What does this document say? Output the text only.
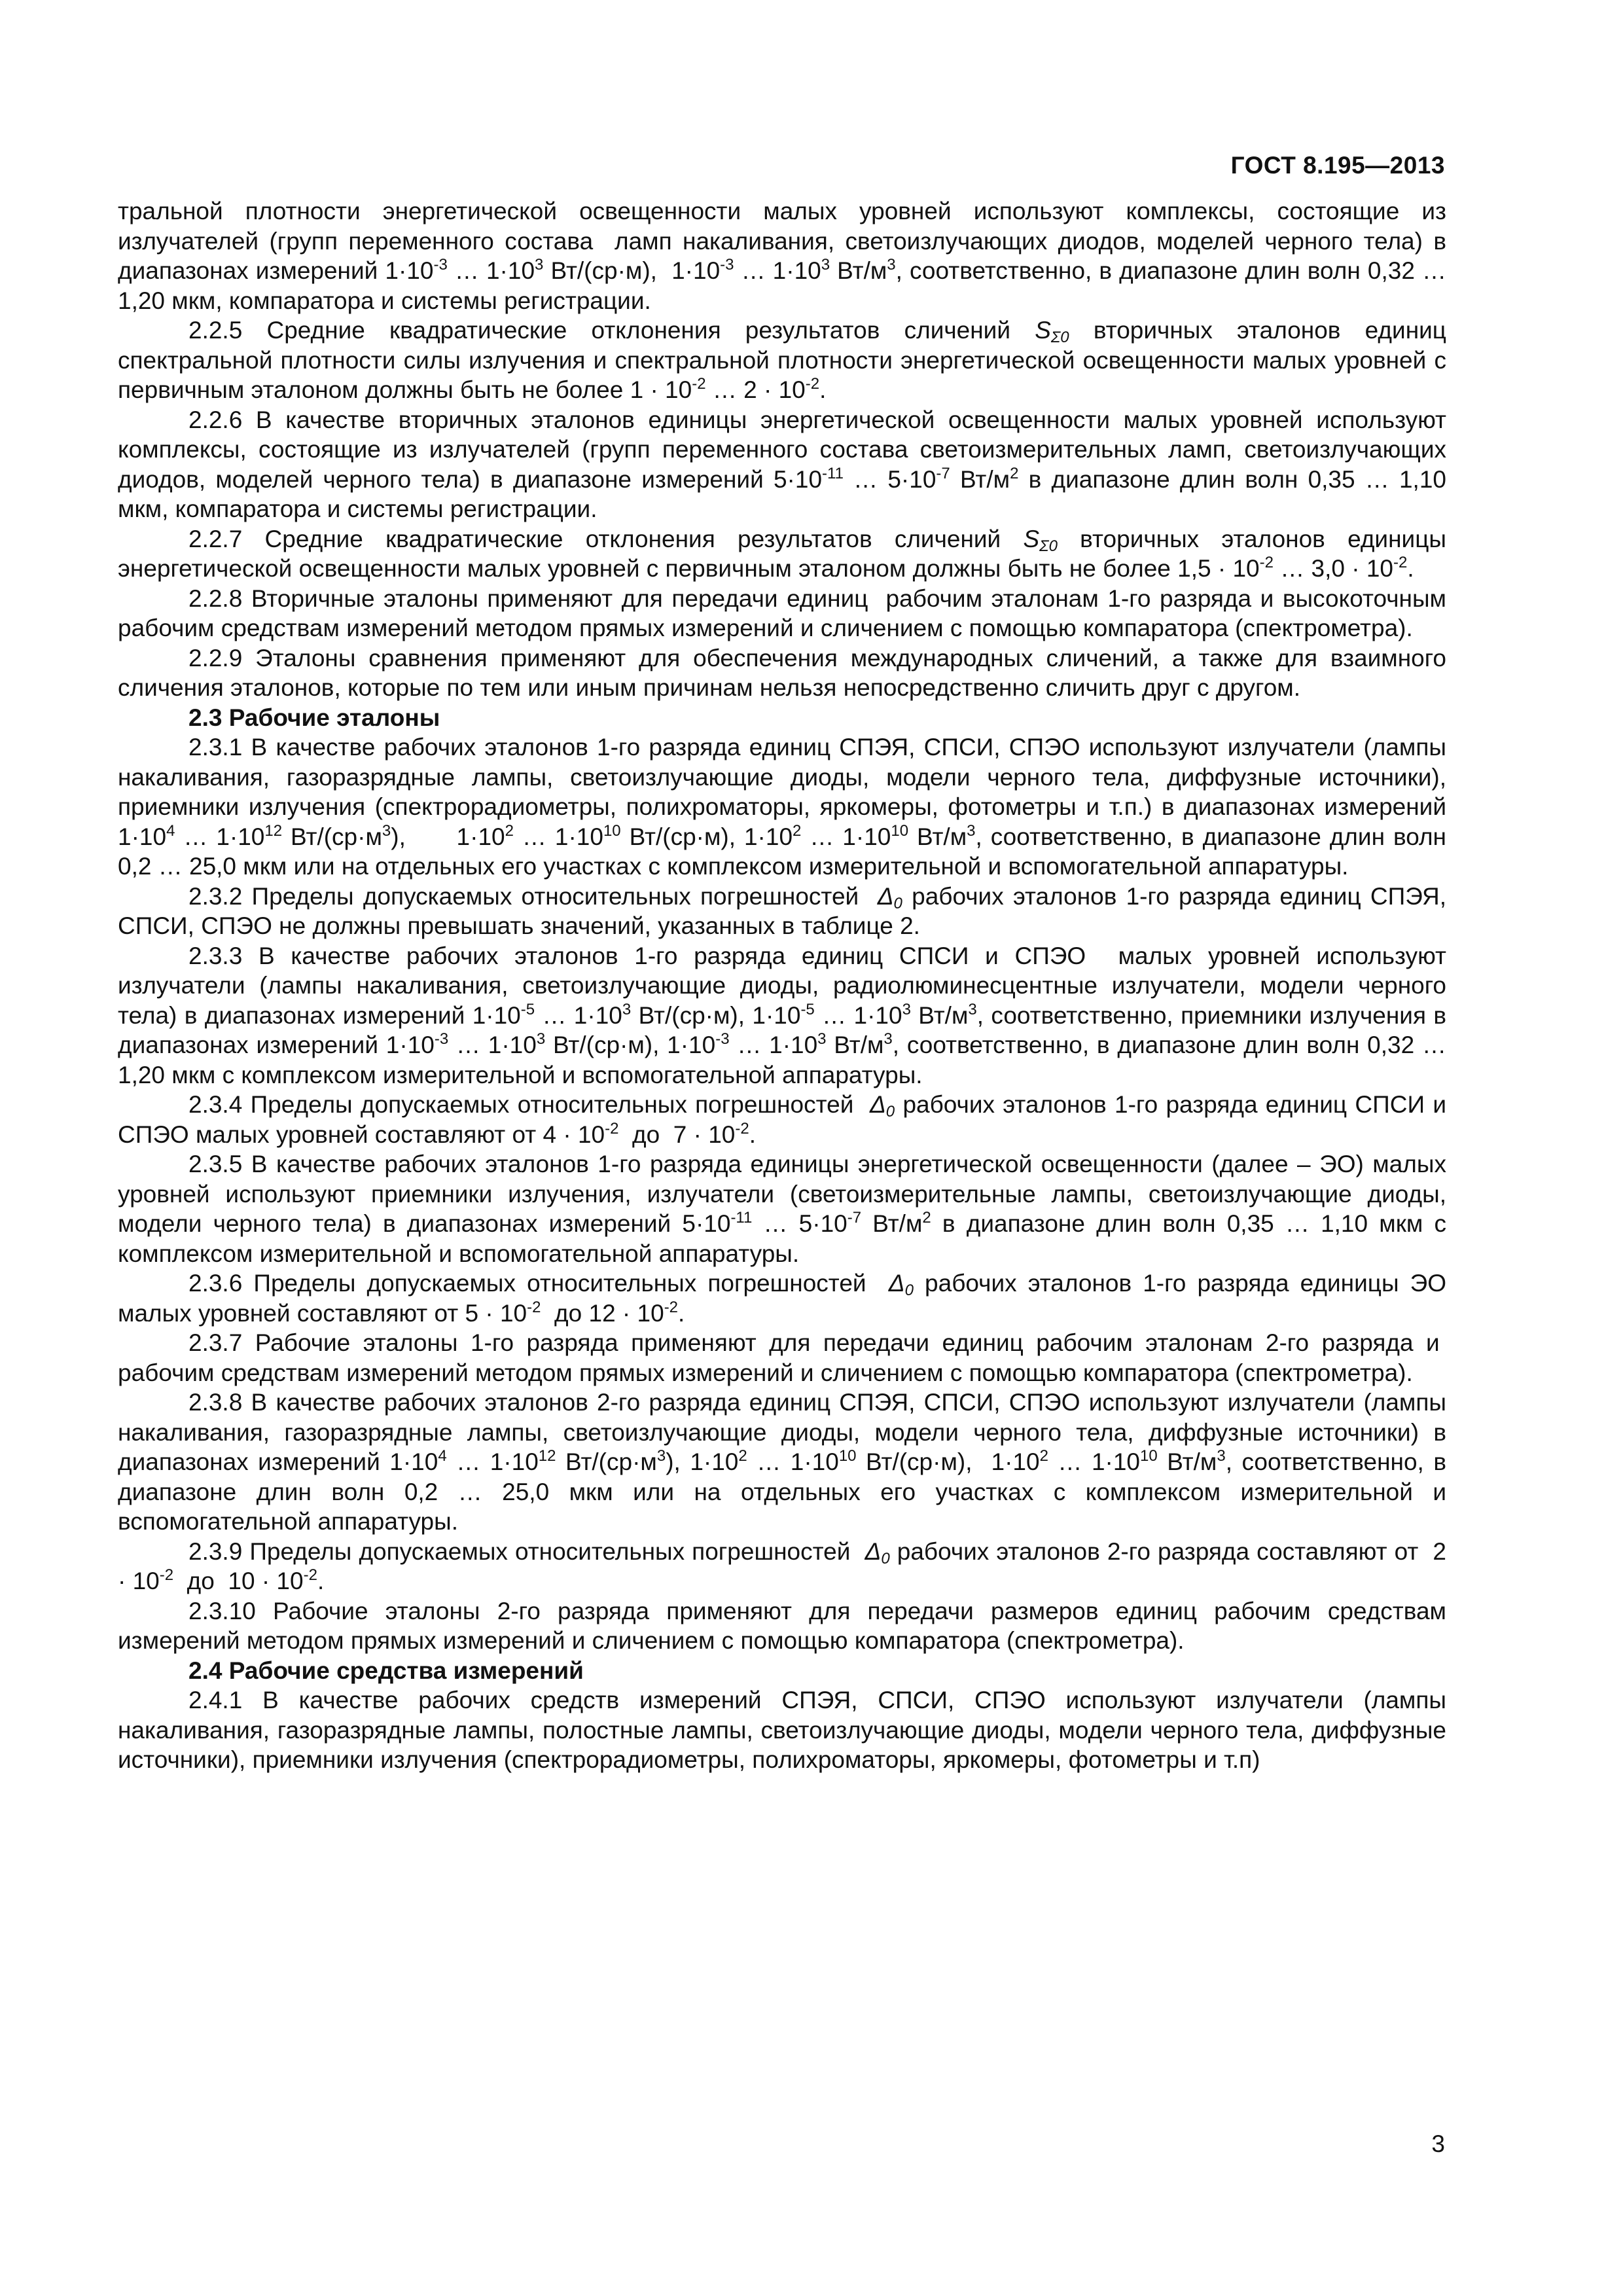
ГОСТ 8.195—2013

тральной плотности энергетической освещенности малых уровней используют комплексы, состоящие из излучателей (групп переменного состава  ламп накаливания, светоизлучающих диодов, моделей черного тела) в диапазонах измерений $1\cdot 10^{-3}$ … $1\cdot 10^3$ Вт/(ср·м),  $1\cdot 10^{-3}$ … $1\cdot 10^3$ $Вт/м^3$, соответственно, в диапазоне длин волн 0,32 … 1,20 мкм, компаратора и системы регистрации.

2.2.5 Средние квадратические отклонения результатов сличений $S_{\Sigma 0}$ вторичных эталонов единиц спектральной плотности силы излучения и спектральной плотности энергетической освещенности малых уровней с первичным эталоном должны быть не более $1 \cdot 10^{-2}$ … $2 \cdot 10^{-2}$.

2.2.6 В качестве вторичных эталонов единицы энергетической освещенности малых уровней используют комплексы, состоящие из излучателей (групп переменного состава светоизмерительных ламп, светоизлучающих диодов, моделей черного тела) в диапазоне измерений $5\cdot 10^{-11}$ … $5\cdot 10^{-7}$ $Вт/м^2$ в диапазоне длин волн 0,35 … 1,10 мкм, компаратора и системы регистрации.

2.2.7 Средние квадратические отклонения результатов сличений $S_{\Sigma 0}$ вторичных эталонов единицы энергетической освещенности малых уровней с первичным эталоном должны быть не более $1,5 \cdot 10^{-2}$ … $3,0 \cdot 10^{-2}$.

2.2.8 Вторичные эталоны применяют для передачи единиц  рабочим эталонам 1-го разряда и высокоточным рабочим средствам измерений методом прямых измерений и сличением с помощью компаратора (спектрометра).

2.2.9 Эталоны сравнения применяют для обеспечения международных сличений, а также для взаимного сличения эталонов, которые по тем или иным причинам нельзя непосредственно сличить друг с другом.

2.3 Рабочие эталоны

2.3.1 В качестве рабочих эталонов 1-го разряда единиц СПЭЯ, СПСИ, СПЭО используют излучатели (лампы накаливания, газоразрядные лампы, светоизлучающие диоды, модели черного тела, диффузные источники), приемники излучения (спектрорадиометры, полихроматоры, яркомеры, фотометры и т.п.) в диапазонах измерений $1\cdot 10^4$ … $1\cdot 10^{12}$ $Вт/(ср\cdot м^3)$,      $1\cdot 10^2$ … $1\cdot 10^{10}$ Вт/(ср·м), $1\cdot 10^2$ … $1\cdot 10^{10}$ $Вт/м^3$, соответственно, в диапазоне длин волн 0,2 … 25,0 мкм или на отдельных его участках с комплексом измерительной и вспомогательной аппаратуры.

2.3.2 Пределы допускаемых относительных погрешностей  $\Delta_0$ рабочих эталонов 1-го разряда единиц СПЭЯ, СПСИ, СПЭО не должны превышать значений, указанных в таблице 2.

2.3.3 В качестве рабочих эталонов 1-го разряда единиц СПСИ и СПЭО  малых уровней используют излучатели (лампы накаливания, светоизлучающие диоды, радиолюминесцентные излучатели, модели черного тела) в диапазонах измерений $1\cdot 10^{-5}$ … $1\cdot 10^3$ Вт/(ср·м), $1\cdot 10^{-5}$ … $1\cdot 10^3$ $Вт/м^3$, соответственно, приемники излучения в диапазонах измерений $1\cdot 10^{-3}$ … $1\cdot 10^3$ Вт/(ср·м), $1\cdot 10^{-3}$ … $1\cdot 10^3$ $Вт/м^3$, соответственно, в диапазоне длин волн 0,32 … 1,20 мкм с комплексом измерительной и вспомогательной аппаратуры.

2.3.4 Пределы допускаемых относительных погрешностей  $\Delta_0$ рабочих эталонов 1-го разряда единиц СПСИ и СПЭО малых уровней составляют от $4 \cdot 10^{-2}$  до  $7 \cdot 10^{-2}$.

2.3.5 В качестве рабочих эталонов 1-го разряда единицы энергетической освещенности (далее – ЭО) малых уровней используют приемники излучения, излучатели (светоизмерительные лампы, светоизлучающие диоды, модели черного тела) в диапазонах измерений $5\cdot 10^{-11}$ … $5\cdot 10^{-7}$ $Вт/м^2$ в диапазоне длин волн 0,35 … 1,10 мкм с комплексом измерительной и вспомогательной аппаратуры.

2.3.6 Пределы допускаемых относительных погрешностей  $\Delta_0$ рабочих эталонов 1-го разряда единицы ЭО малых уровней составляют от $5 \cdot 10^{-2}$  до $12 \cdot 10^{-2}$.

2.3.7 Рабочие эталоны 1-го разряда применяют для передачи единиц рабочим эталонам 2-го разряда и  рабочим средствам измерений методом прямых измерений и сличением с помощью компаратора (спектрометра).

2.3.8 В качестве рабочих эталонов 2-го разряда единиц СПЭЯ, СПСИ, СПЭО используют излучатели (лампы накаливания, газоразрядные лампы, светоизлучающие диоды, модели черного тела, диффузные источники) в диапазонах измерений $1\cdot 10^4$ … $1\cdot 10^{12}$ $Вт/(ср\cdot м^3)$, $1\cdot 10^2$ … $1\cdot 10^{10}$ Вт/(ср·м),  $1\cdot 10^2$ … $1\cdot 10^{10}$ $Вт/м^3$, соответственно, в диапазоне длин волн 0,2 … 25,0 мкм или на отдельных его участках с комплексом измерительной и вспомогательной аппаратуры.

2.3.9 Пределы допускаемых относительных погрешностей  $\Delta_0$ рабочих эталонов 2-го разряда составляют от  $2 \cdot 10^{-2}$  до  $10 \cdot 10^{-2}$.

2.3.10 Рабочие эталоны 2-го разряда применяют для передачи размеров единиц рабочим средствам измерений методом прямых измерений и сличением с помощью компаратора (спектрометра).

2.4 Рабочие средства измерений

2.4.1 В качестве рабочих средств измерений СПЭЯ, СПСИ, СПЭО используют излучатели (лампы накаливания, газоразрядные лампы, полостные лампы, светоизлучающие диоды, модели черного тела, диффузные источники), приемники излучения (спектрорадиометры, полихроматоры, яркомеры, фотометры и т.п)

3
